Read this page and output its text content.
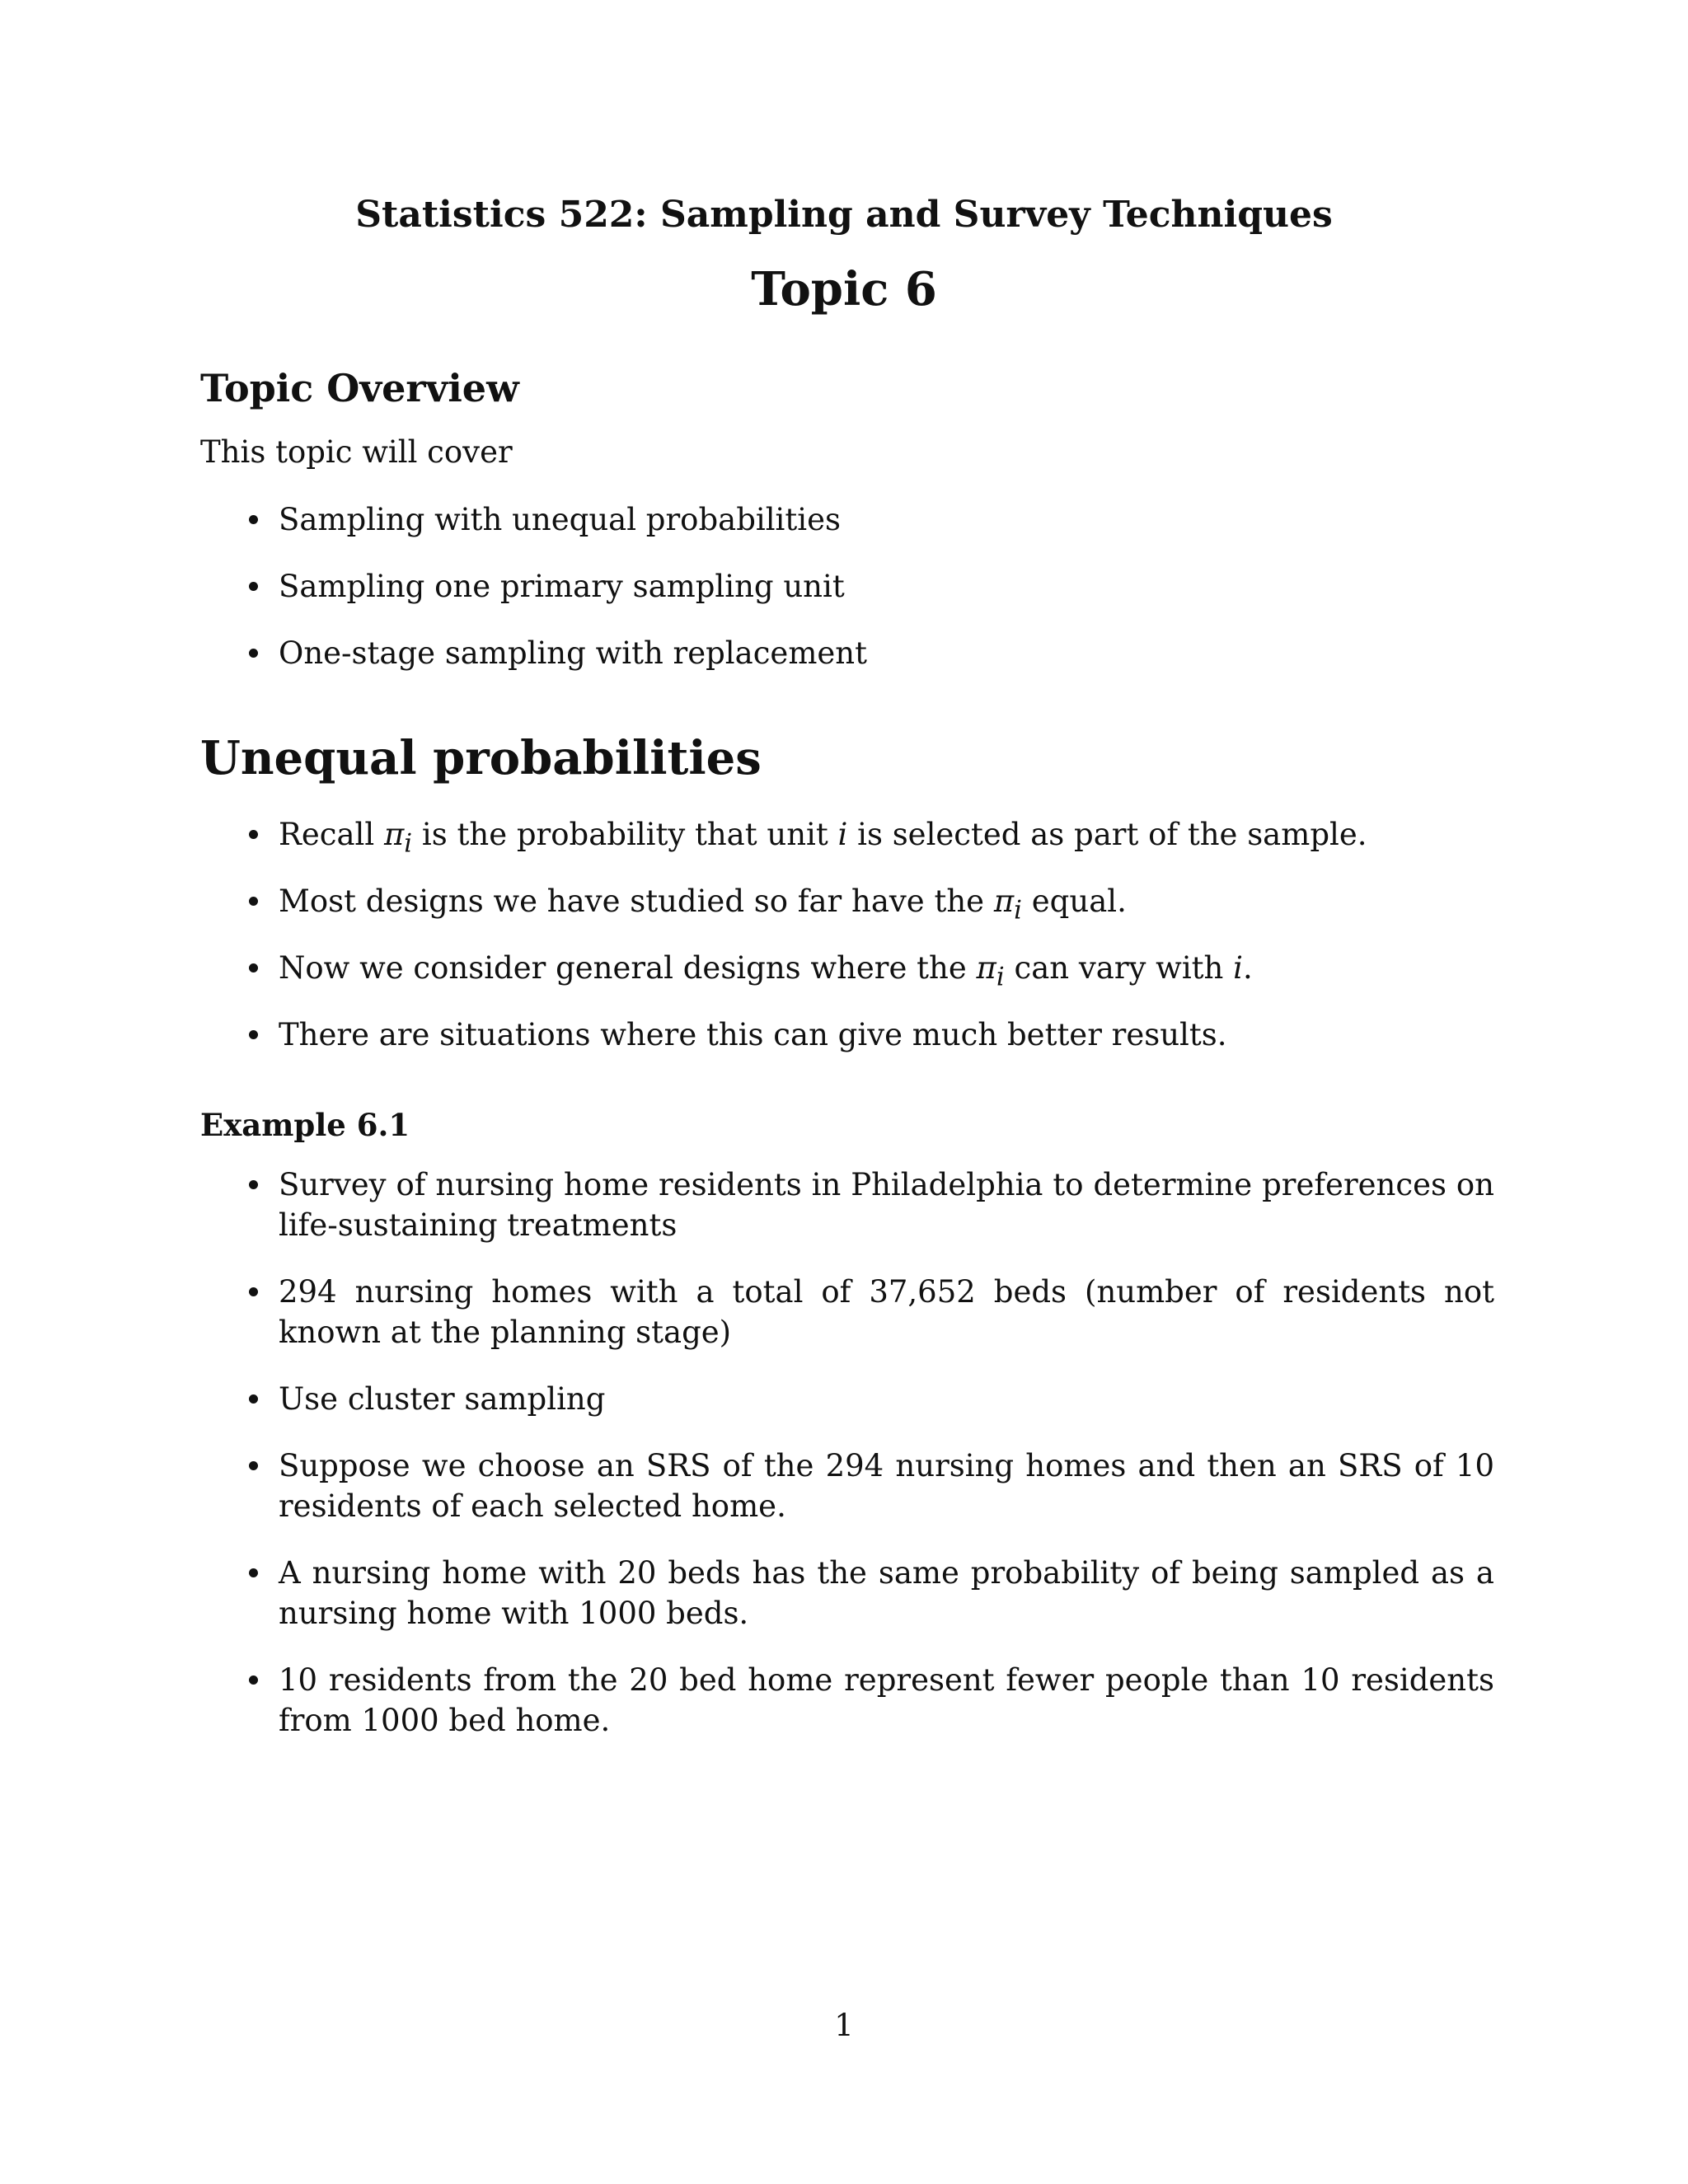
Statistics 522: Sampling and Survey Techniques
Topic 6
Topic Overview
This topic will cover
Sampling with unequal probabilities
Sampling one primary sampling unit
One-stage sampling with replacement
Unequal probabilities
Recall $\pi_i$ is the probability that unit i is selected as part of the sample.
Most designs we have studied so far have the $\pi_i$ equal.
Now we consider general designs where the $\pi_i$ can vary with i.
There are situations where this can give much better results.
Example 6.1
Survey of nursing home residents in Philadelphia to determine preferences on life-sustaining treatments
294 nursing homes with a total of 37,652 beds (number of residents not known at the planning stage)
Use cluster sampling
Suppose we choose an SRS of the 294 nursing homes and then an SRS of 10 residents of each selected home.
A nursing home with 20 beds has the same probability of being sampled as a nursing home with 1000 beds.
10 residents from the 20 bed home represent fewer people than 10 residents from 1000 bed home.
1
